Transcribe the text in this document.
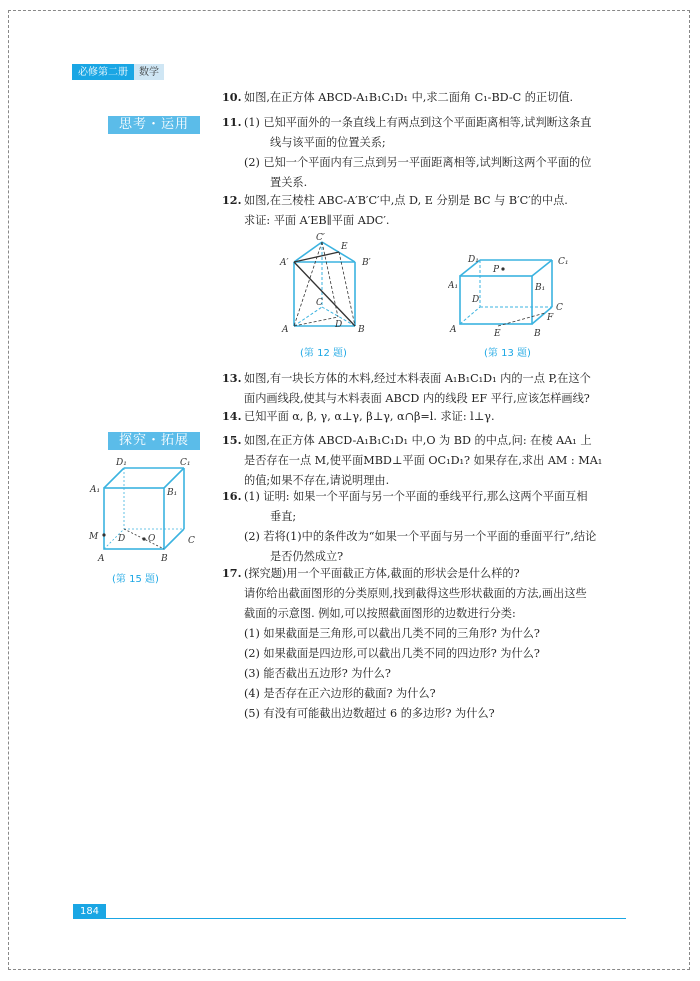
必修第二册	数学
思考・运用
探究・拓展
10. 如图,在正方体 ABCD-A₁B₁C₁D₁ 中,求二面角 C₁-BD-C 的正切值.
11. (1) 已知平面外的一条直线上有两点到这个平面距离相等,试判断这条直
线与该平面的位置关系;
(2) 已知一个平面内有三点到另一平面距离相等,试判断这两个平面的位
置关系.
12. 如图,在三棱柱 ABC-A′B′C′中,点 D, E 分别是 BC 与 B′C′的中点.
求证: 平面 A′EB∥平面 ADC′.
C′
E
A′	B′
C
A	D B
(第 12 题)
D₁	C₁
P
A₁	B₁
D
C
F
A	E	B
(第 13 题)
13. 如图,有一块长方体的木料,经过木料表面 A₁B₁C₁D₁ 内的一点 P,在这个
面内画线段,使其与木料表面 ABCD 内的线段 EF 平行,应该怎样画线?
14. 已知平面 α, β, γ, α⊥γ, β⊥γ, α∩β=l. 求证: l⊥γ.
15. 如图,在正方体 ABCD-A₁B₁C₁D₁ 中,O 为 BD 的中点,问: 在棱 AA₁ 上
是否存在一点 M,使平面MBD⊥平面 OC₁D₁? 如果存在,求出 AM : MA₁
的值;如果不存在,请说明理由.
D₁	C₁
A₁	B₁
M D	O	C
A	B
(第 15 题)
16. (1) 证明: 如果一个平面与另一个平面的垂线平行,那么这两个平面互相
垂直;
(2) 若将(1)中的条件改为“如果一个平面与另一个平面的垂面平行”,结论
是否仍然成立?
17. (探究题)用一个平面截正方体,截面的形状会是什么样的?
请你给出截面图形的分类原则,找到截得这些形状截面的方法,画出这些
截面的示意图. 例如,可以按照截面图形的边数进行分类:
(1) 如果截面是三角形,可以截出几类不同的三角形? 为什么?
(2) 如果截面是四边形,可以截出几类不同的四边形? 为什么?
(3) 能否截出五边形? 为什么?
(4) 是否存在正六边形的截面? 为什么?
(5) 有没有可能截出边数超过 6 的多边形? 为什么?
184
